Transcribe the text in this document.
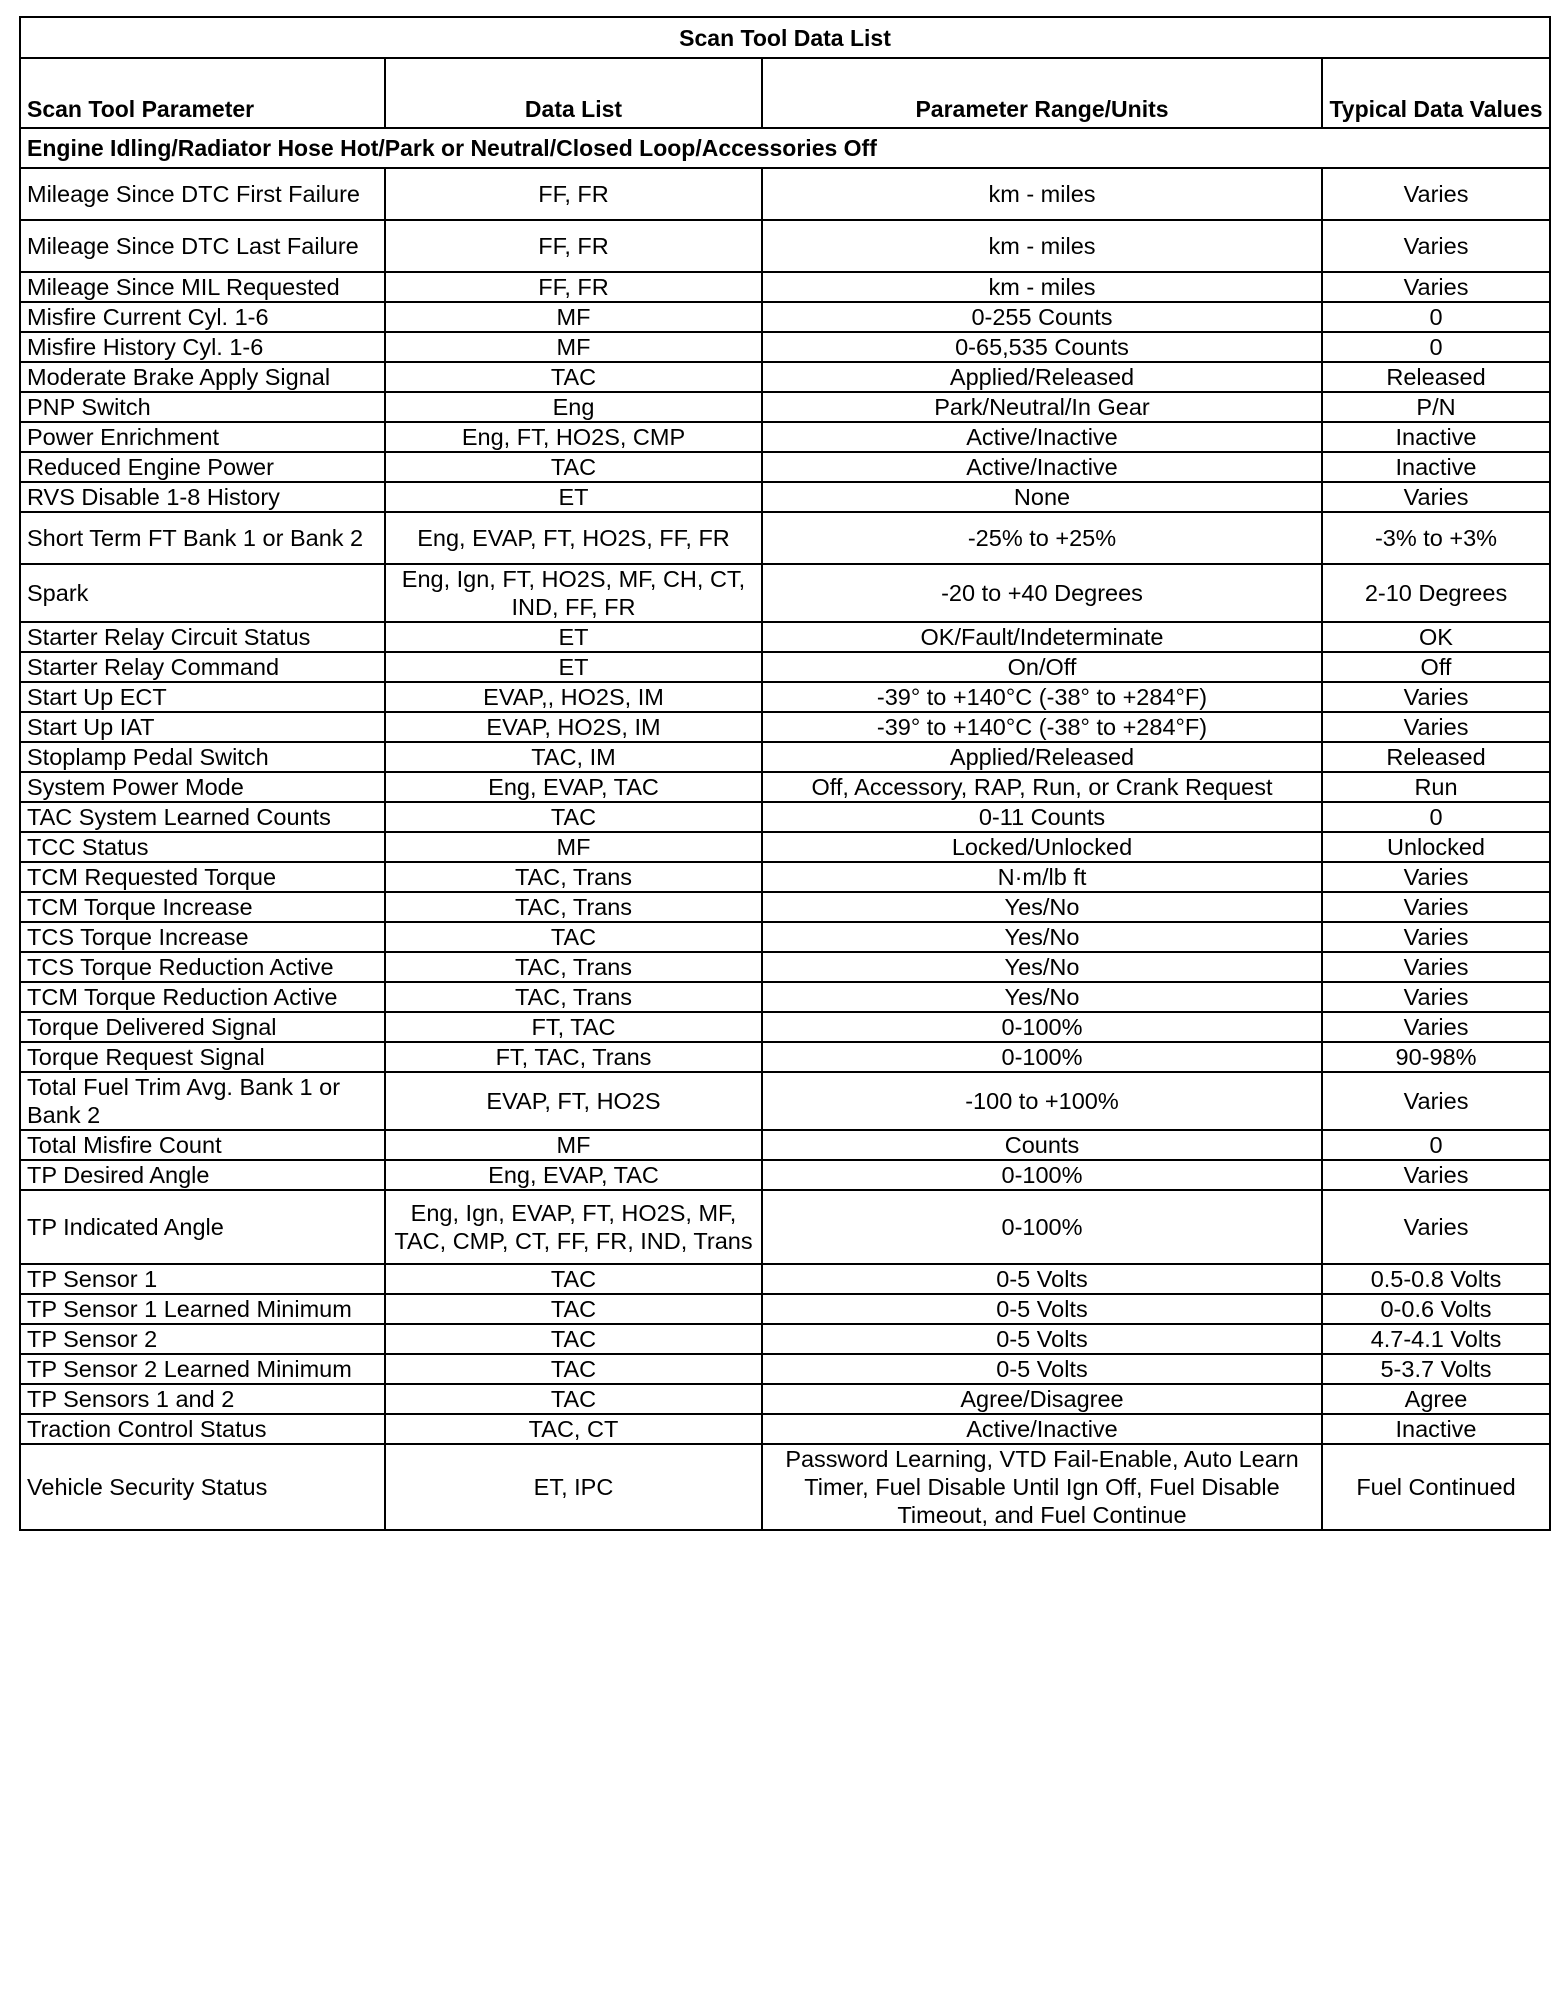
Scan Tool Data List			
Scan Tool Parameter	Data List	Parameter Range/Units	Typical Data Values
Engine Idling/Radiator Hose Hot/Park or Neutral/Closed Loop/Accessories Off			
Mileage Since DTC First Failure	FF, FR	km - miles	Varies
Mileage Since DTC Last Failure	FF, FR	km - miles	Varies
Mileage Since MIL Requested	FF, FR	km - miles	Varies
Misfire Current Cyl. 1-6	MF	0-255 Counts	0
Misfire History Cyl. 1-6	MF	0-65,535 Counts	0
Moderate Brake Apply Signal	TAC	Applied/Released	Released
PNP Switch	Eng	Park/Neutral/In Gear	P/N
Power Enrichment	Eng, FT, HO2S, CMP	Active/Inactive	Inactive
Reduced Engine Power	TAC	Active/Inactive	Inactive
RVS Disable 1-8 History	ET	None	Varies
Short Term FT Bank 1 or Bank 2	Eng, EVAP, FT, HO2S, FF, FR	-25% to +25%	-3% to +3%
Spark	Eng, Ign, FT, HO2S, MF, CH, CT, IND, FF, FR	-20 to +40 Degrees	2-10 Degrees
Starter Relay Circuit Status	ET	OK/Fault/Indeterminate	OK
Starter Relay Command	ET	On/Off	Off
Start Up ECT	EVAP,, HO2S, IM	-39° to +140°C (-38° to +284°F)	Varies
Start Up IAT	EVAP, HO2S, IM	-39° to +140°C (-38° to +284°F)	Varies
Stoplamp Pedal Switch	TAC, IM	Applied/Released	Released
System Power Mode	Eng, EVAP, TAC	Off, Accessory, RAP, Run, or Crank Request	Run
TAC System Learned Counts	TAC	0-11 Counts	0
TCC Status	MF	Locked/Unlocked	Unlocked
TCM Requested Torque	TAC, Trans	N·m/lb ft	Varies
TCM Torque Increase	TAC, Trans	Yes/No	Varies
TCS Torque Increase	TAC	Yes/No	Varies
TCS Torque Reduction Active	TAC, Trans	Yes/No	Varies
TCM Torque Reduction Active	TAC, Trans	Yes/No	Varies
Torque Delivered Signal	FT, TAC	0-100%	Varies
Torque Request Signal	FT, TAC, Trans	0-100%	90-98%
Total Fuel Trim Avg. Bank 1 or Bank 2	EVAP, FT, HO2S	-100 to +100%	Varies
Total Misfire Count	MF	Counts	0
TP Desired Angle	Eng, EVAP, TAC	0-100%	Varies
TP Indicated Angle	Eng, Ign, EVAP, FT, HO2S, MF, TAC, CMP, CT, FF, FR, IND, Trans	0-100%	Varies
TP Sensor 1	TAC	0-5 Volts	0.5-0.8 Volts
TP Sensor 1 Learned Minimum	TAC	0-5 Volts	0-0.6 Volts
TP Sensor 2	TAC	0-5 Volts	4.7-4.1 Volts
TP Sensor 2 Learned Minimum	TAC	0-5 Volts	5-3.7 Volts
TP Sensors 1 and 2	TAC	Agree/Disagree	Agree
Traction Control Status	TAC, CT	Active/Inactive	Inactive
Vehicle Security Status	ET, IPC	Password Learning, VTD Fail-Enable, Auto Learn Timer, Fuel Disable Until Ign Off, Fuel Disable Timeout, and Fuel Continue	Fuel Continued
